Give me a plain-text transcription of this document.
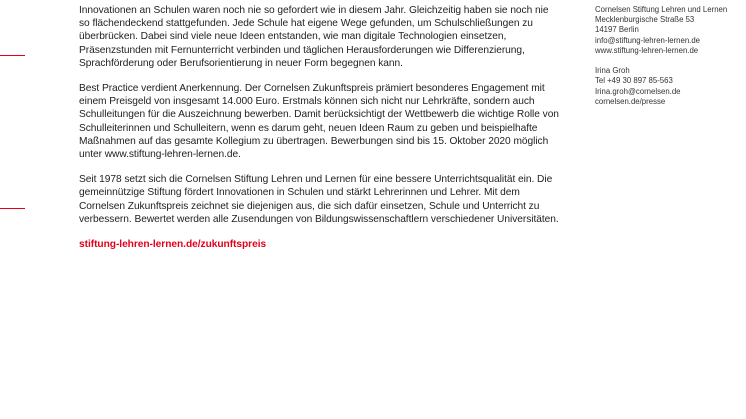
Innovationen an Schulen waren noch nie so gefordert wie in diesem Jahr. Gleichzeitig haben sie noch nie so flächendeckend stattgefunden. Jede Schule hat eigene Wege gefunden, um Schulschließungen zu überbrücken. Dabei sind viele neue Ideen entstanden, wie man digitale Technologien einsetzen, Präsenzstunden mit Fernunterricht verbinden und täglichen Herausforderungen wie Differenzierung, Sprachförderung oder Berufsorientierung in neuer Form begegnen kann.

Best Practice verdient Anerkennung. Der Cornelsen Zukunftspreis prämiert besonderes Engagement mit einem Preisgeld von insgesamt 14.000 Euro. Erstmals können sich nicht nur Lehrkräfte, sondern auch Schulleitungen für die Auszeichnung bewerben. Damit berücksichtigt der Wettbewerb die wichtige Rolle von Schulleiterinnen und Schulleitern, wenn es darum geht, neuen Ideen Raum zu geben und beispielhafte Maßnahmen auf das gesamte Kollegium zu übertragen. Bewerbungen sind bis 15. Oktober 2020 möglich unter www.stiftung-lehren-lernen.de.

Seit 1978 setzt sich die Cornelsen Stiftung Lehren und Lernen für eine bessere Unterrichtsqualität ein. Die gemeinnützige Stiftung fördert Innovationen in Schulen und stärkt Lehrerinnen und Lehrer. Mit dem Cornelsen Zukunftspreis zeichnet sie diejenigen aus, die sich dafür einsetzen, Schule und Unterricht zu verbessern. Bewertet werden alle Zusendungen von Bildungswissenschaftlern verschiedener Universitäten.

stiftung-lehren-lernen.de/zukunftspreis

Cornelsen Stiftung Lehren und Lernen
Mecklenburgische Straße 53
14197 Berlin
info@stiftung-lehren-lernen.de
www.stiftung-lehren-lernen.de
Irina Groh
Tel +49 30 897 85-563
Irina.groh@cornelsen.de
cornelsen.de/presse
